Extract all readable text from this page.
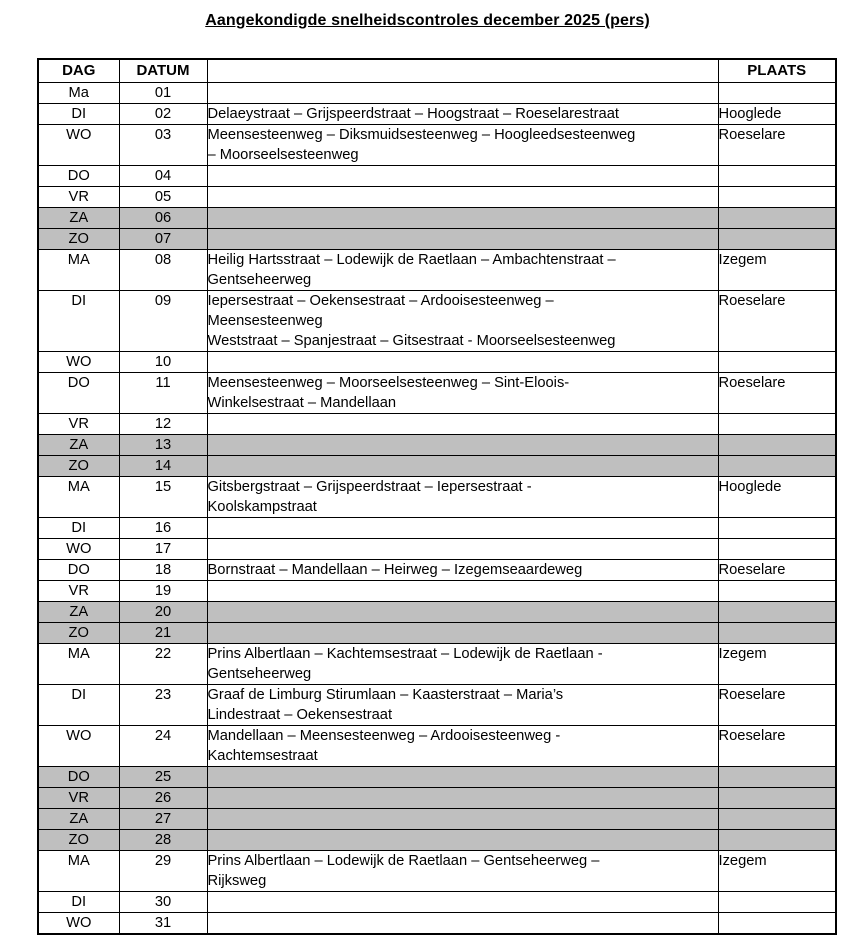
Aangekondigde snelheidscontroles december 2025 (pers)
DAG	DATUM		PLAATS
Ma	01		
DI	02	Delaeystraat – Grijspeerdstraat – Hoogstraat – Roeselarestraat	Hooglede
WO	03	Meensesteenweg – Diksmuidsesteenweg – Hoogleedsesteenweg
– Moorseelsesteenweg	Roeselare
DO	04		
VR	05		
ZA	06		
ZO	07		
MA	08	Heilig Hartsstraat – Lodewijk de Raetlaan – Ambachtenstraat –
Gentseheerweg	Izegem
DI	09	Iepersestraat – Oekensestraat – Ardooisesteenweg –
Meensesteenweg
Weststraat – Spanjestraat – Gitsestraat - Moorseelsesteenweg	Roeselare
WO	10		
DO	11	Meensesteenweg – Moorseelsesteenweg – Sint-Eloois-
Winkelsestraat – Mandellaan	Roeselare
VR	12		
ZA	13		
ZO	14		
MA	15	Gitsbergstraat – Grijspeerdstraat – Iepersestraat -
Koolskampstraat	Hooglede
DI	16		
WO	17		
DO	18	Bornstraat – Mandellaan – Heirweg – Izegemseaardeweg	Roeselare
VR	19		
ZA	20		
ZO	21		
MA	22	Prins Albertlaan – Kachtemsestraat – Lodewijk de Raetlaan -
Gentseheerweg	Izegem
DI	23	Graaf de Limburg Stirumlaan – Kaasterstraat – Maria’s
Lindestraat – Oekensestraat	Roeselare
WO	24	Mandellaan – Meensesteenweg – Ardooisesteenweg -
Kachtemsestraat	Roeselare
DO	25		
VR	26		
ZA	27		
ZO	28		
MA	29	Prins Albertlaan – Lodewijk de Raetlaan – Gentseheerweg –
Rijksweg	Izegem
DI	30		
WO	31		
